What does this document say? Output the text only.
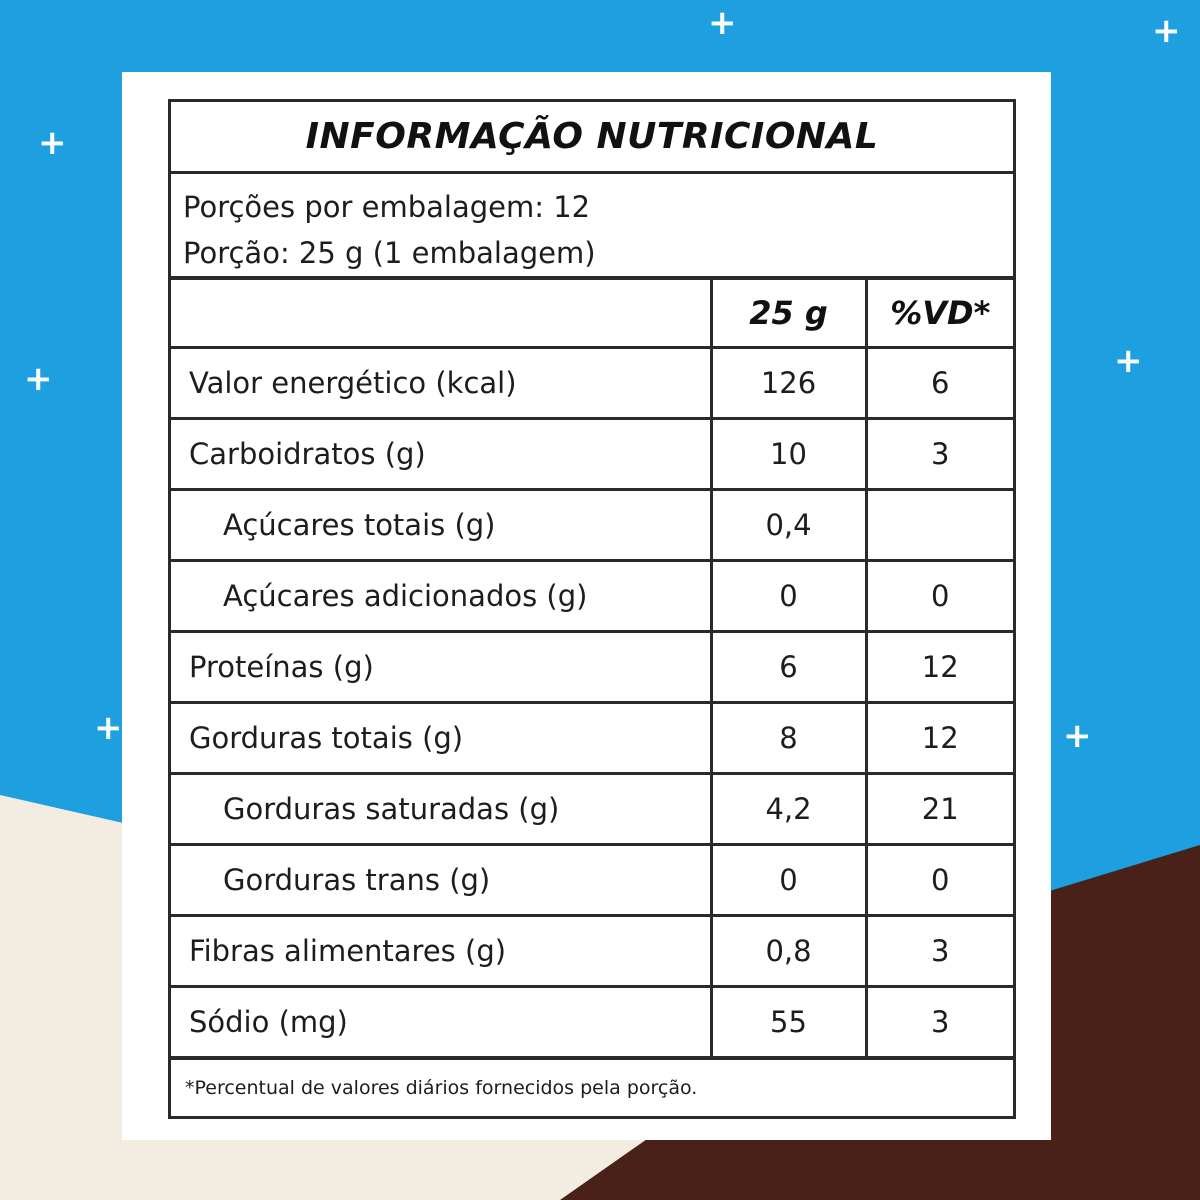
+	+
+
+	+
+	+
INFORMAÇÃO NUTRICIONAL
Porções por embalagem: 12
Porção: 25 g (1 embalagem)
	25 g	%VD*
Valor energético (kcal)	126	6
Carboidratos (g)	10	3
Açúcares totais (g)	0,4	
Açúcares adicionados (g)	0	0
Proteínas (g)	6	12
Gorduras totais (g)	8	12
Gorduras saturadas (g)	4,2	21
Gorduras trans (g)	0	0
Fibras alimentares (g)	0,8	3
Sódio (mg)	55	3
*Percentual de valores diários fornecidos pela porção.
